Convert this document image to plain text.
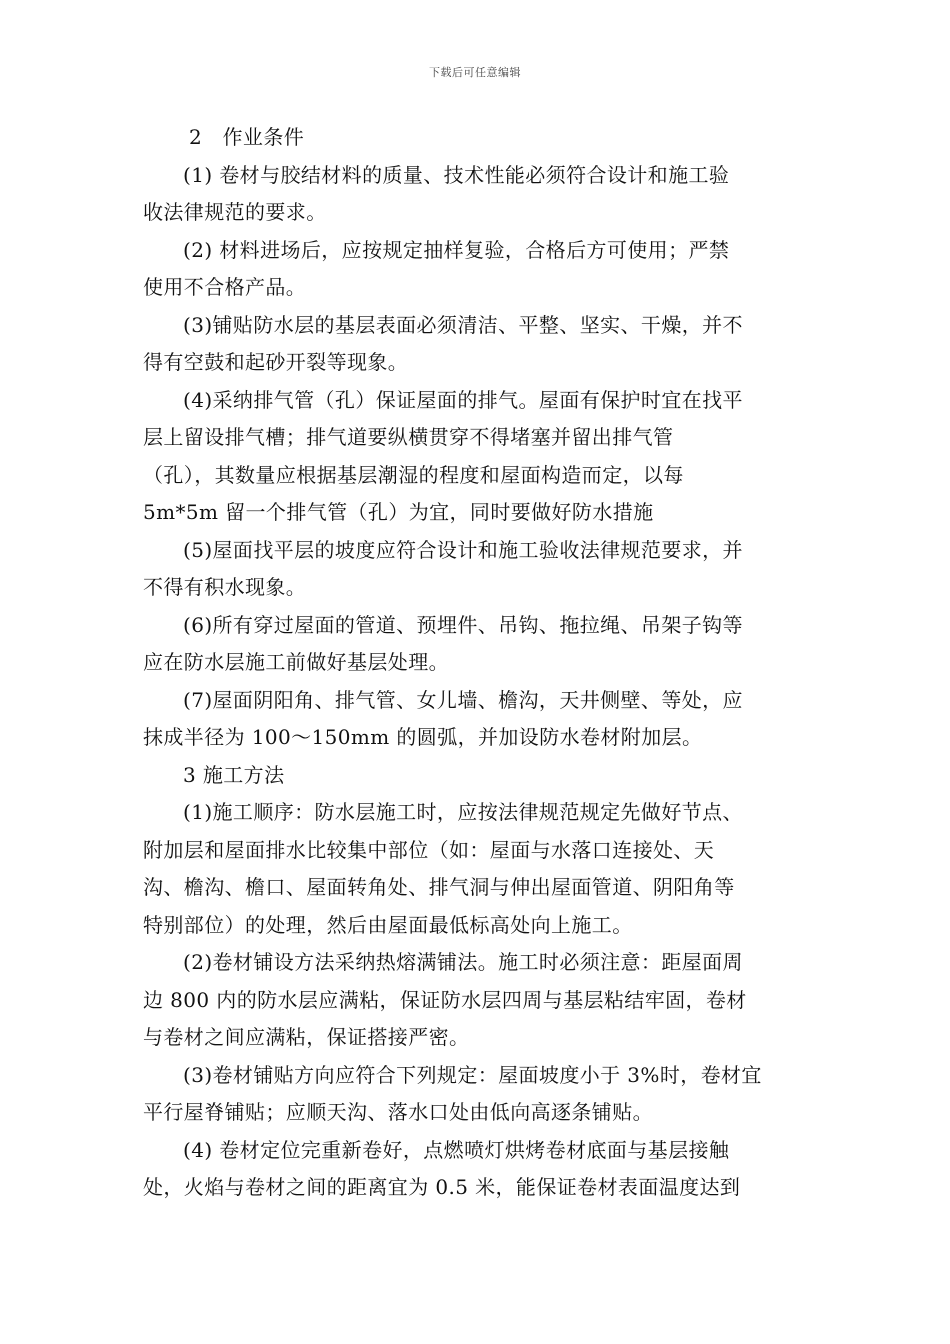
下载后可任意编辑
2　作业条件
(1) 卷材与胶结材料的质量、技术性能必须符合设计和施工验
收法律规范的要求。
(2) 材料进场后，应按规定抽样复验，合格后方可使用；严禁
使用不合格产品。
(3)铺贴防水层的基层表面必须清洁、平整、坚实、干燥，并不
得有空鼓和起砂开裂等现象。
(4)采纳排气管（孔）保证屋面的排气。屋面有保护时宜在找平
层上留设排气槽；排气道要纵横贯穿不得堵塞并留出排气管
（孔），其数量应根据基层潮湿的程度和屋面构造而定，以每
5m*5m 留一个排气管（孔）为宜，同时要做好防水措施
(5)屋面找平层的坡度应符合设计和施工验收法律规范要求，并
不得有积水现象。
(6)所有穿过屋面的管道、预埋件、吊钩、拖拉绳、吊架子钩等
应在防水层施工前做好基层处理。
(7)屋面阴阳角、排气管、女儿墙、檐沟，天井侧壁、等处，应
抹成半径为 100～150mm 的圆弧，并加设防水卷材附加层。
3 施工方法
(1)施工顺序：防水层施工时，应按法律规范规定先做好节点、
附加层和屋面排水比较集中部位（如：屋面与水落口连接处、天
沟、檐沟、檐口、屋面转角处、排气洞与伸出屋面管道、阴阳角等
特别部位）的处理，然后由屋面最低标高处向上施工。
(2)卷材铺设方法采纳热熔满铺法。施工时必须注意：距屋面周
边 800 内的防水层应满粘，保证防水层四周与基层粘结牢固，卷材
与卷材之间应满粘，保证搭接严密。
(3)卷材铺贴方向应符合下列规定：屋面坡度小于 3%时，卷材宜
平行屋脊铺贴；应顺天沟、落水口处由低向高逐条铺贴。
(4) 卷材定位完重新卷好，点燃喷灯烘烤卷材底面与基层接触
处，火焰与卷材之间的距离宜为 0.5 米，能保证卷材表面温度达到
